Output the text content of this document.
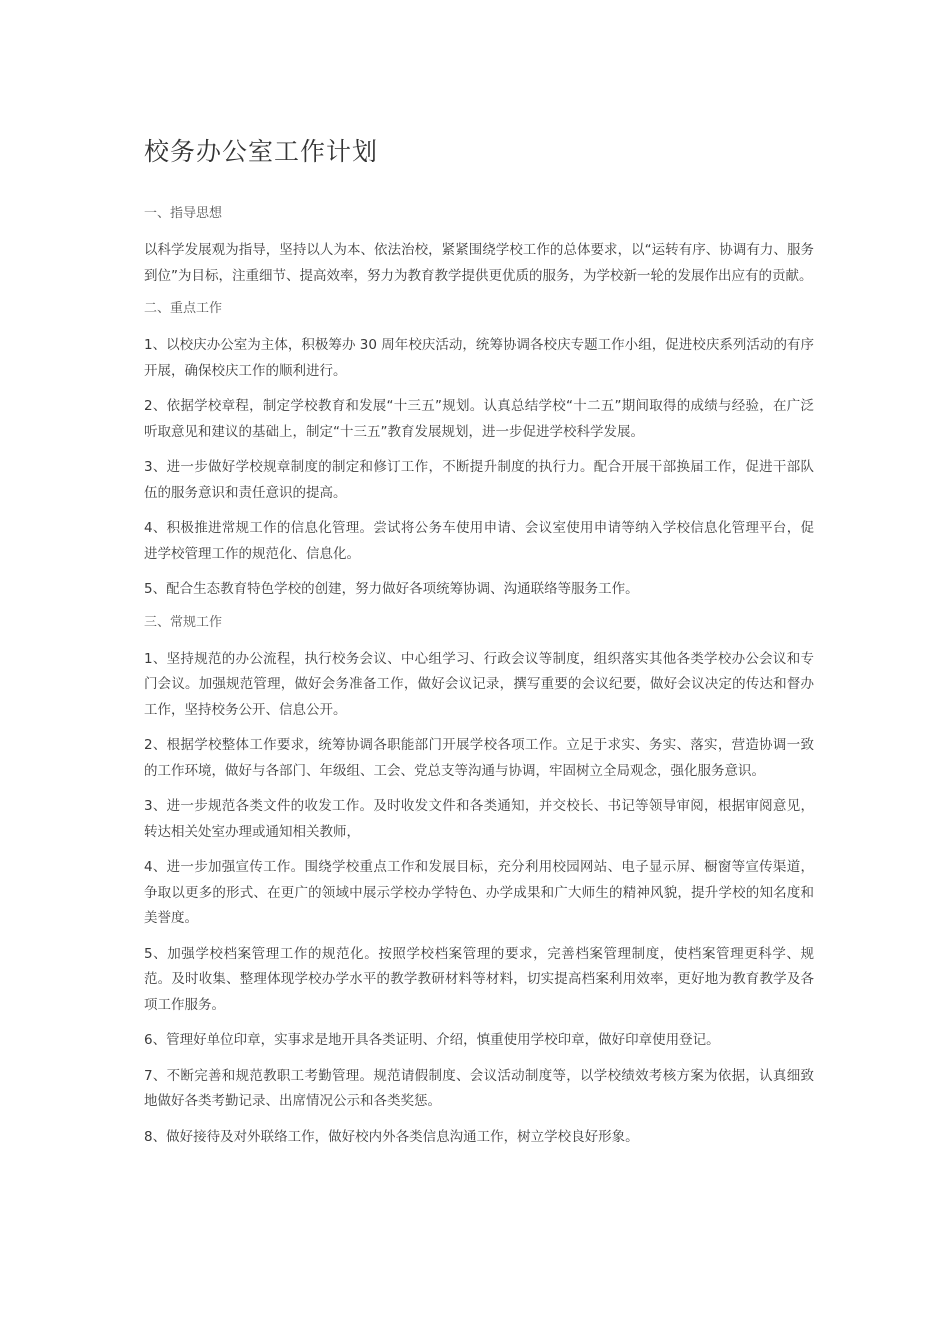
校务办公室工作计划
一、指导思想

以科学发展观为指导，坚持以人为本、依法治校，紧紧围绕学校工作的总体要求，以“运转有序、协调有力、服务到位”为目标，注重细节、提高效率，努力为教育教学提供更优质的服务，为学校新一轮的发展作出应有的贡献。

二、重点工作

1、以校庆办公室为主体，积极筹办 30 周年校庆活动，统筹协调各校庆专题工作小组，促进校庆系列活动的有序开展，确保校庆工作的顺利进行。

2、依据学校章程，制定学校教育和发展“十三五”规划。认真总结学校“十二五”期间取得的成绩与经验，在广泛听取意见和建议的基础上，制定“十三五”教育发展规划，进一步促进学校科学发展。

3、进一步做好学校规章制度的制定和修订工作，不断提升制度的执行力。配合开展干部换届工作，促进干部队伍的服务意识和责任意识的提高。

4、积极推进常规工作的信息化管理。尝试将公务车使用申请、会议室使用申请等纳入学校信息化管理平台，促进学校管理工作的规范化、信息化。

5、配合生态教育特色学校的创建，努力做好各项统筹协调、沟通联络等服务工作。

三、常规工作

1、坚持规范的办公流程，执行校务会议、中心组学习、行政会议等制度，组织落实其他各类学校办公会议和专门会议。加强规范管理，做好会务准备工作，做好会议记录，撰写重要的会议纪要，做好会议决定的传达和督办工作，坚持校务公开、信息公开。

2、根据学校整体工作要求，统筹协调各职能部门开展学校各项工作。立足于求实、务实、落实，营造协调一致的工作环境，做好与各部门、年级组、工会、党总支等沟通与协调，牢固树立全局观念，强化服务意识。

3、进一步规范各类文件的收发工作。及时收发文件和各类通知，并交校长、书记等领导审阅，根据审阅意见，转达相关处室办理或通知相关教师，

4、进一步加强宣传工作。围绕学校重点工作和发展目标，充分利用校园网站、电子显示屏、橱窗等宣传渠道，争取以更多的形式、在更广的领域中展示学校办学特色、办学成果和广大师生的精神风貌，提升学校的知名度和美誉度。

5、加强学校档案管理工作的规范化。按照学校档案管理的要求，完善档案管理制度，使档案管理更科学、规范。及时收集、整理体现学校办学水平的教学教研材料等材料，切实提高档案利用效率，更好地为教育教学及各项工作服务。

6、管理好单位印章，实事求是地开具各类证明、介绍，慎重使用学校印章，做好印章使用登记。

7、不断完善和规范教职工考勤管理。规范请假制度、会议活动制度等，以学校绩效考核方案为依据，认真细致地做好各类考勤记录、出席情况公示和各类奖惩。

8、做好接待及对外联络工作，做好校内外各类信息沟通工作，树立学校良好形象。
